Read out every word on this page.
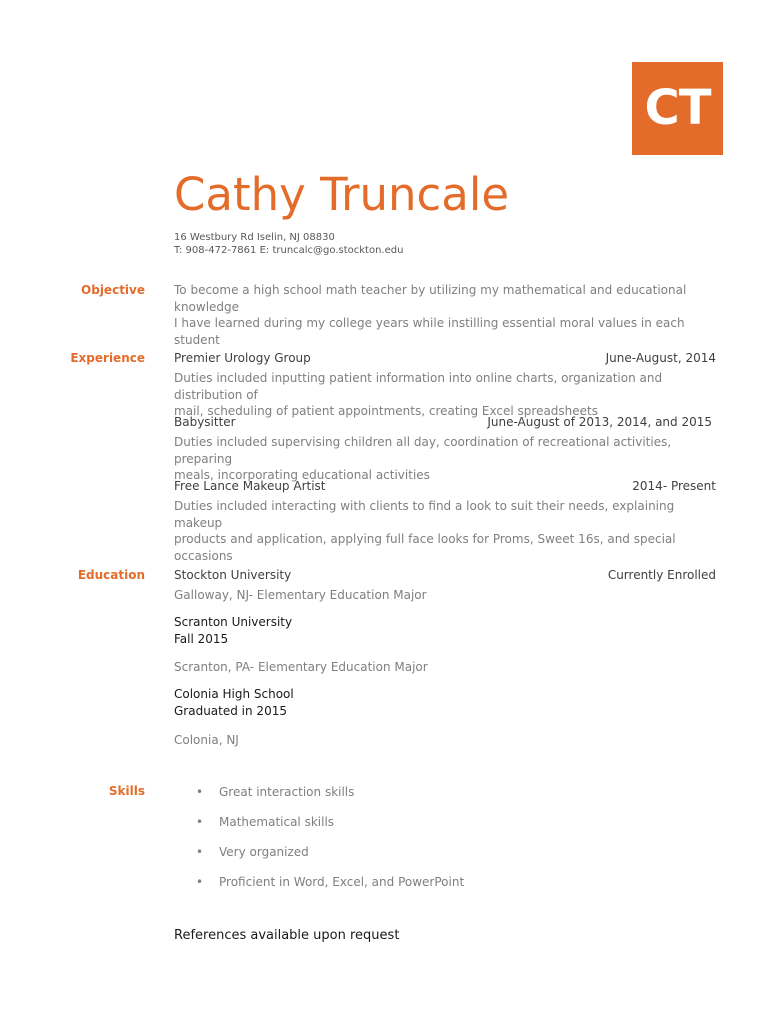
CT
Cathy Truncale
16 Westbury Rd Iselin, NJ 08830
T: 908-472-7861 E: truncalc@go.stockton.edu
Objective To become a high school math teacher by utilizing my mathematical and educational knowledge
I have learned during my college years while instilling essential moral values in each student
Experience Premier Urology Group	June-August, 2014
Duties included inputting patient information into online charts, organization and distribution of
mail, scheduling of patient appointments, creating Excel spreadsheets
Babysitter	June-August of 2013, 2014, and 2015
Duties included supervising children all day, coordination of recreational activities, preparing
meals, incorporating educational activities
Free Lance Makeup Artist	2014- Present
Duties included interacting with clients to find a look to suit their needs, explaining makeup
products and application, applying full face looks for Proms, Sweet 16s, and special occasions
Education Stockton University	Currently Enrolled
Galloway, NJ- Elementary Education Major
Scranton University
Fall 2015
Scranton, PA- Elementary Education Major
Colonia High School
Graduated in 2015
Colonia, NJ
Skills	• Great interaction skills
• Mathematical skills
• Very organized
• Proficient in Word, Excel, and PowerPoint
References available upon request
